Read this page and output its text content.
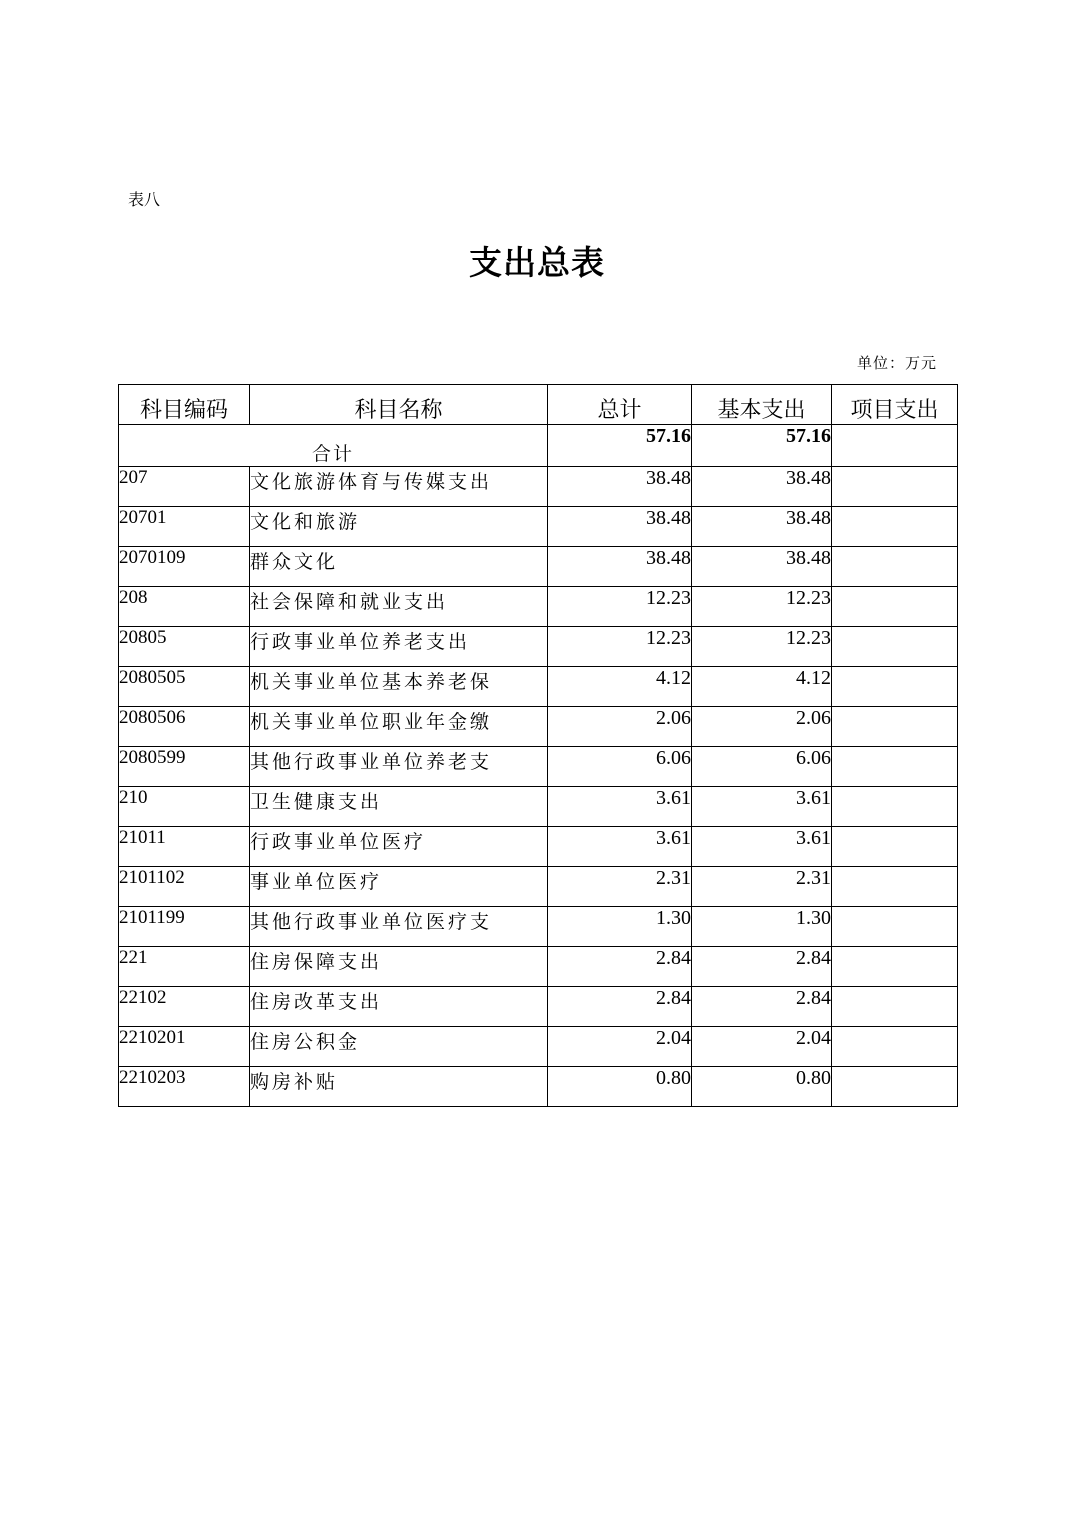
表八
支出总表
单位：万元
科目编码	科目名称	总计	基本支出	项目支出
合计		57.16	57.16	
207	文化旅游体育与传媒支出	38.48	38.48	
20701	文化和旅游	38.48	38.48	
2070109	群众文化	38.48	38.48	
208	社会保障和就业支出	12.23	12.23	
20805	行政事业单位养老支出	12.23	12.23	
2080505	机关事业单位基本养老保	4.12	4.12	
2080506	机关事业单位职业年金缴	2.06	2.06	
2080599	其他行政事业单位养老支	6.06	6.06	
210	卫生健康支出	3.61	3.61	
21011	行政事业单位医疗	3.61	3.61	
2101102	事业单位医疗	2.31	2.31	
2101199	其他行政事业单位医疗支	1.30	1.30	
221	住房保障支出	2.84	2.84	
22102	住房改革支出	2.84	2.84	
2210201	住房公积金	2.04	2.04	
2210203	购房补贴	0.80	0.80	
